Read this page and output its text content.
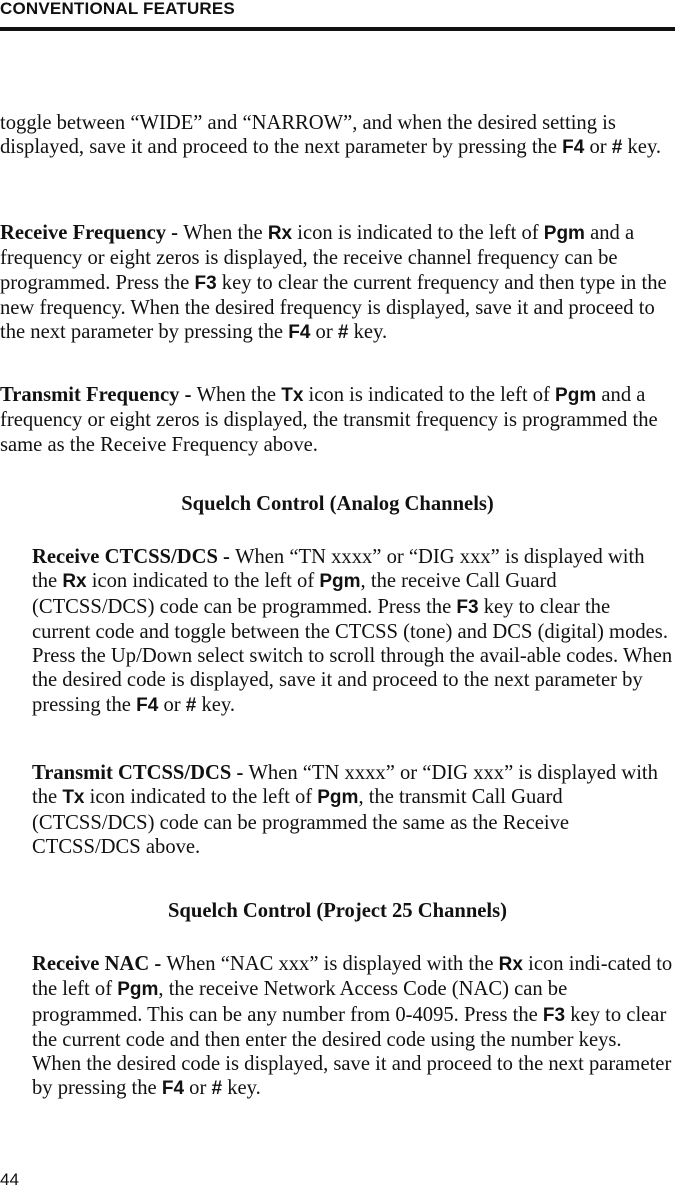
CONVENTIONAL FEATURES

toggle between “WIDE” and “NARROW”, and when the desired setting is displayed, save it and proceed to the next parameter by pressing the F4 or # key.

Receive Frequency - When the Rx icon is indicated to the left of Pgm and a frequency or eight zeros is displayed, the receive channel frequency can be programmed. Press the F3 key to clear the current frequency and then type in the new frequency. When the desired frequency is displayed, save it and proceed to the next parameter by pressing the F4 or # key.

Transmit Frequency - When the Tx icon is indicated to the left of Pgm and a frequency or eight zeros is displayed, the transmit frequency is programmed the same as the Receive Frequency above.

Squelch Control (Analog Channels)

Receive CTCSS/DCS - When “TN xxxx” or “DIG xxx” is displayed with the Rx icon indicated to the left of Pgm, the receive Call Guard (CTCSS/DCS) code can be programmed. Press the F3 key to clear the current code and toggle between the CTCSS (tone) and DCS (digital) modes. Press the Up/Down select switch to scroll through the avail-able codes. When the desired code is displayed, save it and proceed to the next parameter by pressing the F4 or # key.

Transmit CTCSS/DCS - When “TN xxxx” or “DIG xxx” is displayed with the Tx icon indicated to the left of Pgm, the transmit Call Guard (CTCSS/DCS) code can be programmed the same as the Receive CTCSS/DCS above.

Squelch Control (Project 25 Channels)

Receive NAC - When “NAC xxx” is displayed with the Rx icon indi-cated to the left of Pgm, the receive Network Access Code (NAC) can be programmed. This can be any number from 0-4095. Press the F3 key to clear the current code and then enter the desired code using the number keys. When the desired code is displayed, save it and proceed to the next parameter by pressing the F4 or # key.

44
